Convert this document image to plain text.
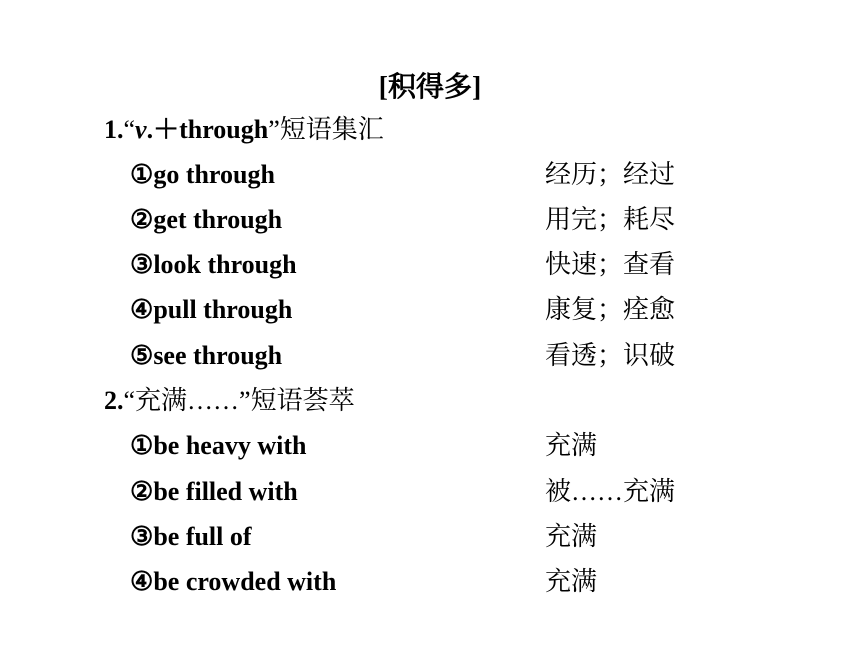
[积得多]
1.“v.＋through”短语集汇
①go through	经历；经过
②get through	用完；耗尽
③look through	快速；查看
④pull through	康复；痊愈
⑤see through	看透；识破
2.“充满……”短语荟萃
①be heavy with	充满
②be filled with	被……充满
③be full of	充满
④be crowded with	充满
